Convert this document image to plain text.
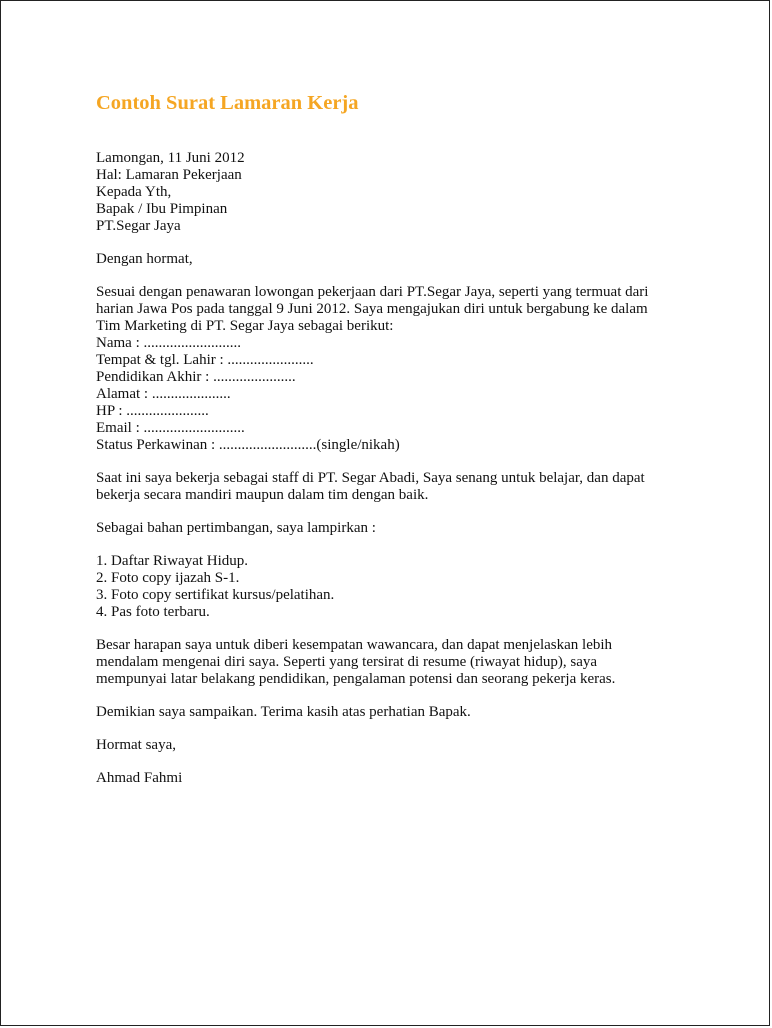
Contoh Surat Lamaran Kerja
Lamongan, 11 Juni 2012
Hal: Lamaran Pekerjaan
Kepada Yth,
Bapak / Ibu Pimpinan
PT.Segar Jaya
Dengan hormat,
Sesuai dengan penawaran lowongan pekerjaan dari PT.Segar Jaya, seperti yang termuat dari
harian Jawa Pos pada tanggal 9 Juni 2012. Saya mengajukan diri untuk bergabung ke dalam
Tim Marketing di PT. Segar Jaya sebagai berikut:
Nama : ..........................
Tempat & tgl. Lahir : .......................
Pendidikan Akhir : ......................
Alamat : .....................
HP : ......................
Email : ...........................
Status Perkawinan : ..........................(single/nikah)
Saat ini saya bekerja sebagai staff di PT. Segar Abadi, Saya senang untuk belajar, dan dapat
bekerja secara mandiri maupun dalam tim dengan baik.
Sebagai bahan pertimbangan, saya lampirkan :
1. Daftar Riwayat Hidup.
2. Foto copy ijazah S-1.
3. Foto copy sertifikat kursus/pelatihan.
4. Pas foto terbaru.
Besar harapan saya untuk diberi kesempatan wawancara, dan dapat menjelaskan lebih
mendalam mengenai diri saya. Seperti yang tersirat di resume (riwayat hidup), saya
mempunyai latar belakang pendidikan, pengalaman potensi dan seorang pekerja keras.
Demikian saya sampaikan. Terima kasih atas perhatian Bapak.
Hormat saya,
Ahmad Fahmi
